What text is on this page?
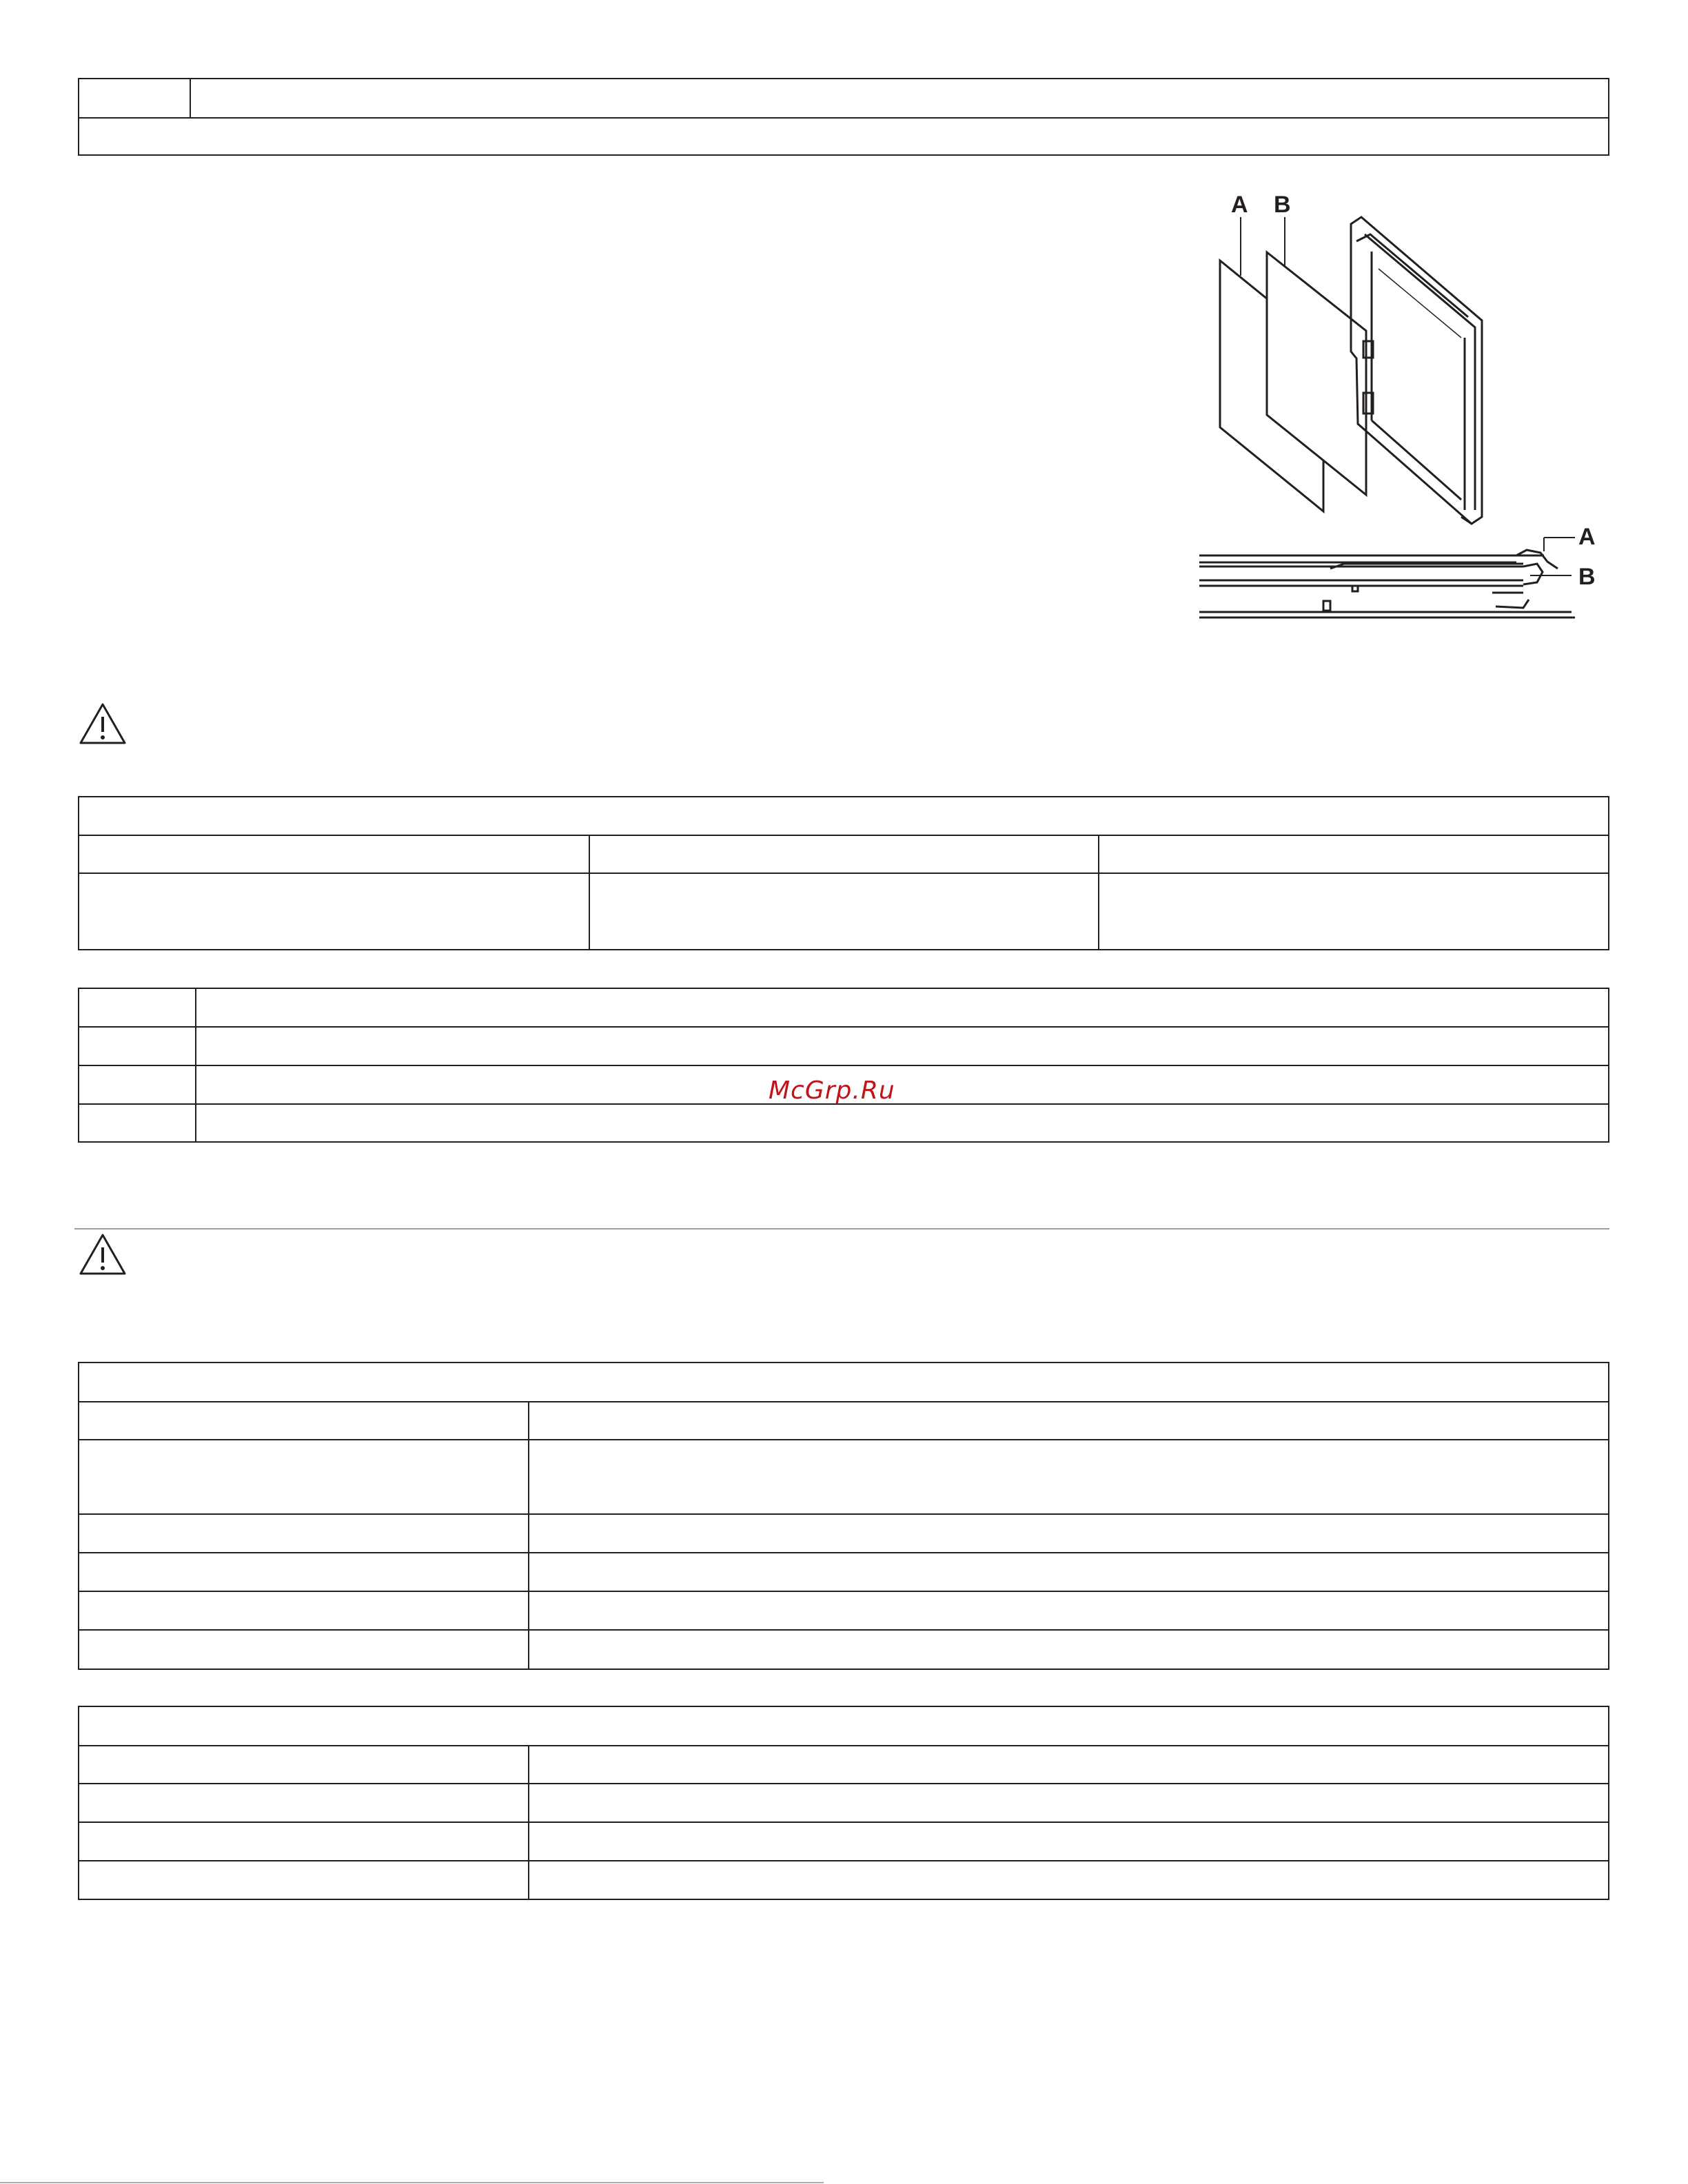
A B
A
B
McGrp.Ru
